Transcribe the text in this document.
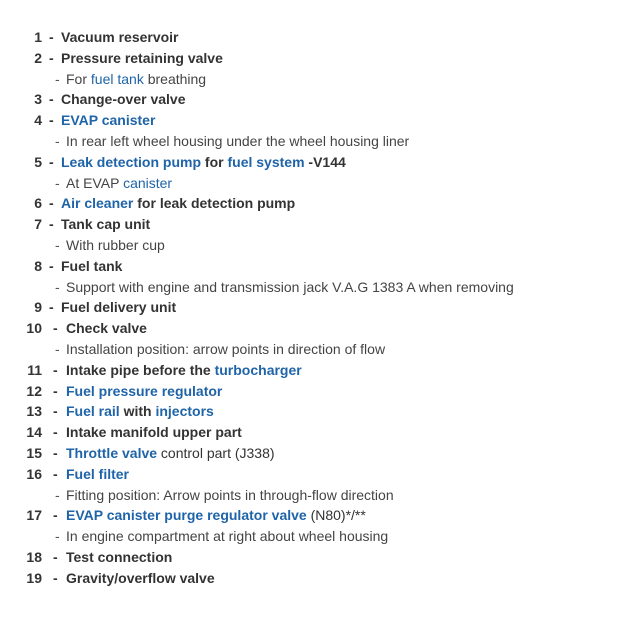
1 - Vacuum reservoir
2 - Pressure retaining valve
- For fuel tank breathing
3 - Change-over valve
4 - EVAP canister
- In rear left wheel housing under the wheel housing liner
5 - Leak detection pump for fuel system -V144
- At EVAP canister
6 - Air cleaner for leak detection pump
7 - Tank cap unit
- With rubber cup
8 - Fuel tank
- Support with engine and transmission jack V.A.G 1383 A when removing
9 - Fuel delivery unit
10 - Check valve
- Installation position: arrow points in direction of flow
11 - Intake pipe before the turbocharger
12 - Fuel pressure regulator
13 - Fuel rail with injectors
14 - Intake manifold upper part
15 - Throttle valve control part (J338)
16 - Fuel filter
- Fitting position: Arrow points in through-flow direction
17 - EVAP canister purge regulator valve (N80)*/**
- In engine compartment at right about wheel housing
18 - Test connection
19 - Gravity/overflow valve
